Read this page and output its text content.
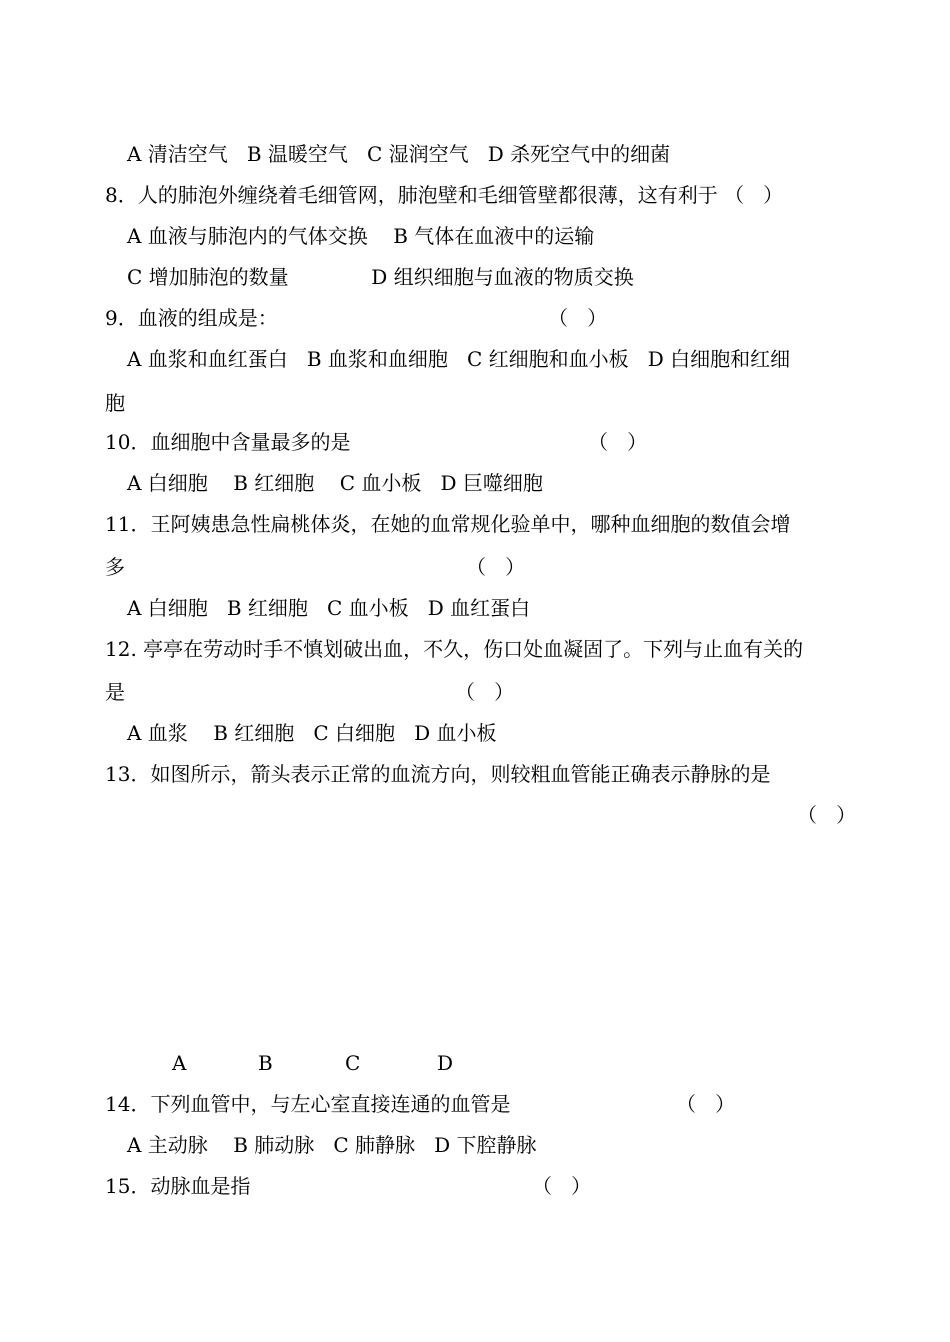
A 清洁空气   B 温暖空气   C 湿润空气   D 杀死空气中的细菌
8．人的肺泡外缠绕着毛细管网，肺泡壁和毛细管壁都很薄，这有利于 （   ）
A 血液与肺泡内的气体交换    B 气体在血液中的运输
C 增加肺泡的数量             D 组织细胞与血液的物质交换
9．血液的组成是：	（   ）
A 血浆和血红蛋白   B 血浆和血细胞   C 红细胞和血小板   D 白细胞和红细
胞
10．血细胞中含量最多的是	（   ）
A 白细胞    B 红细胞    C 血小板   D 巨噬细胞
11．王阿姨患急性扁桃体炎，在她的血常规化验单中，哪种血细胞的数值会增
多	（   ）
A 白细胞   B 红细胞   C 血小板   D 血红蛋白
12. 亭亭在劳动时手不慎划破出血，不久，伤口处血凝固了。下列与止血有关的
是	（   ）
A 血浆    B 红细胞   C 白细胞   D 血小板
13．如图所示，箭头表示正常的血流方向，则较粗血管能正确表示静脉的是
（   ）
A	B	C	D
14．下列血管中，与左心室直接连通的血管是	（   ）
A 主动脉    B 肺动脉   C 肺静脉   D 下腔静脉
15．动脉血是指	（   ）
